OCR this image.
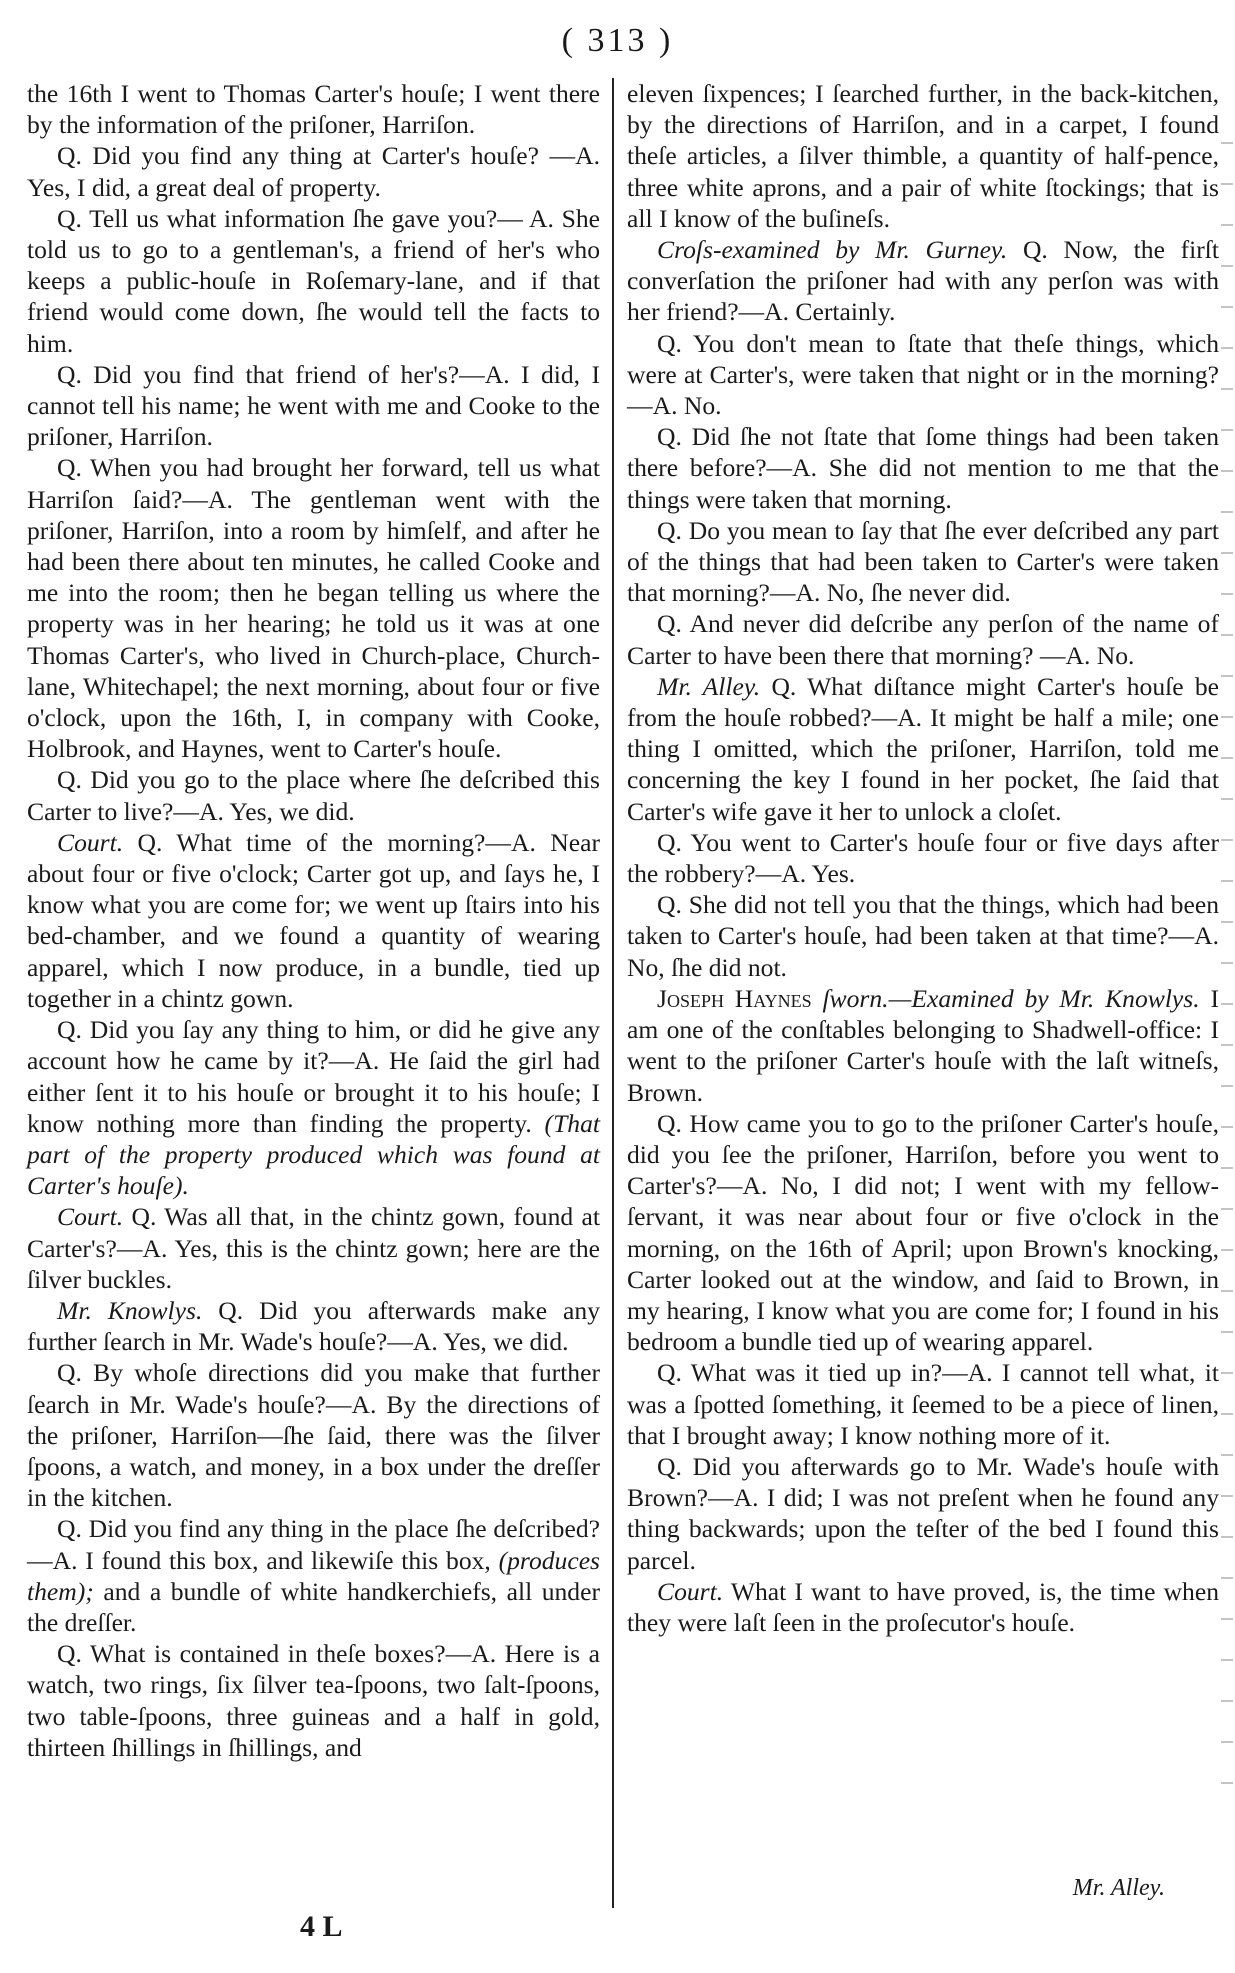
( 313 )

the 16th I went to Thomas Carter's houſe; I went there by the information of the priſoner, Harriſon.

Q. Did you find any thing at Carter's houſe? —A. Yes, I did, a great deal of property.

Q. Tell us what information ſhe gave you?— A. She told us to go to a gentleman's, a friend of her's who keeps a public-houſe in Roſemary-lane, and if that friend would come down, ſhe would tell the facts to him.

Q. Did you find that friend of her's?—A. I did, I cannot tell his name; he went with me and Cooke to the priſoner, Harriſon.

Q. When you had brought her forward, tell us what Harriſon ſaid?—A. The gentleman went with the priſoner, Harriſon, into a room by himſelf, and after he had been there about ten minutes, he called Cooke and me into the room; then he began telling us where the property was in her hearing; he told us it was at one Thomas Carter's, who lived in Church-place, Church-lane, Whitechapel; the next morning, about four or five o'clock, upon the 16th, I, in company with Cooke, Holbrook, and Haynes, went to Carter's houſe.

Q. Did you go to the place where ſhe deſcribed this Carter to live?—A. Yes, we did.

Court. Q. What time of the morning?—A. Near about four or five o'clock; Carter got up, and ſays he, I know what you are come for; we went up ſtairs into his bed-chamber, and we found a quantity of wearing apparel, which I now produce, in a bundle, tied up together in a chintz gown.

Q. Did you ſay any thing to him, or did he give any account how he came by it?—A. He ſaid the girl had either ſent it to his houſe or brought it to his houſe; I know nothing more than finding the property. (That part of the property produced which was found at Carter's houſe).

Court. Q. Was all that, in the chintz gown, found at Carter's?—A. Yes, this is the chintz gown; here are the ſilver buckles.

Mr. Knowlys. Q. Did you afterwards make any further ſearch in Mr. Wade's houſe?—A. Yes, we did.

Q. By whoſe directions did you make that further ſearch in Mr. Wade's houſe?—A. By the directions of the priſoner, Harriſon—ſhe ſaid, there was the ſilver ſpoons, a watch, and money, in a box under the dreſſer in the kitchen.

Q. Did you find any thing in the place ſhe deſcribed?—A. I found this box, and likewiſe this box, (produces them); and a bundle of white handkerchiefs, all under the dreſſer.

Q. What is contained in theſe boxes?—A. Here is a watch, two rings, ſix ſilver tea-ſpoons, two ſalt-ſpoons, two table-ſpoons, three guineas and a half in gold, thirteen ſhillings in ſhillings, and

eleven ſixpences; I ſearched further, in the back-kitchen, by the directions of Harriſon, and in a carpet, I found theſe articles, a ſilver thimble, a quantity of half-pence, three white aprons, and a pair of white ſtockings; that is all I know of the buſineſs.

Croſs-examined by Mr. Gurney. Q. Now, the firſt converſation the priſoner had with any perſon was with her friend?—A. Certainly.

Q. You don't mean to ſtate that theſe things, which were at Carter's, were taken that night or in the morning?—A. No.

Q. Did ſhe not ſtate that ſome things had been taken there before?—A. She did not mention to me that the things were taken that morning.

Q. Do you mean to ſay that ſhe ever deſcribed any part of the things that had been taken to Carter's were taken that morning?—A. No, ſhe never did.

Q. And never did deſcribe any perſon of the name of Carter to have been there that morning? —A. No.

Mr. Alley. Q. What diſtance might Carter's houſe be from the houſe robbed?—A. It might be half a mile; one thing I omitted, which the priſoner, Harriſon, told me concerning the key I found in her pocket, ſhe ſaid that Carter's wife gave it her to unlock a cloſet.

Q. You went to Carter's houſe four or five days after the robbery?—A. Yes.

Q. She did not tell you that the things, which had been taken to Carter's houſe, had been taken at that time?—A. No, ſhe did not.

Joseph Haynes ſworn.—Examined by Mr. Knowlys. I am one of the conſtables belonging to Shadwell-office: I went to the priſoner Carter's houſe with the laſt witneſs, Brown.

Q. How came you to go to the priſoner Carter's houſe, did you ſee the priſoner, Harriſon, before you went to Carter's?—A. No, I did not; I went with my fellow-ſervant, it was near about four or five o'clock in the morning, on the 16th of April; upon Brown's knocking, Carter looked out at the window, and ſaid to Brown, in my hearing, I know what you are come for; I found in his bedroom a bundle tied up of wearing apparel.

Q. What was it tied up in?—A. I cannot tell what, it was a ſpotted ſomething, it ſeemed to be a piece of linen, that I brought away; I know nothing more of it.

Q. Did you afterwards go to Mr. Wade's houſe with Brown?—A. I did; I was not preſent when he found any thing backwards; upon the teſter of the bed I found this parcel.

Court. What I want to have proved, is, the time when they were laſt ſeen in the proſecutor's houſe.

Mr. Alley.
4 L
